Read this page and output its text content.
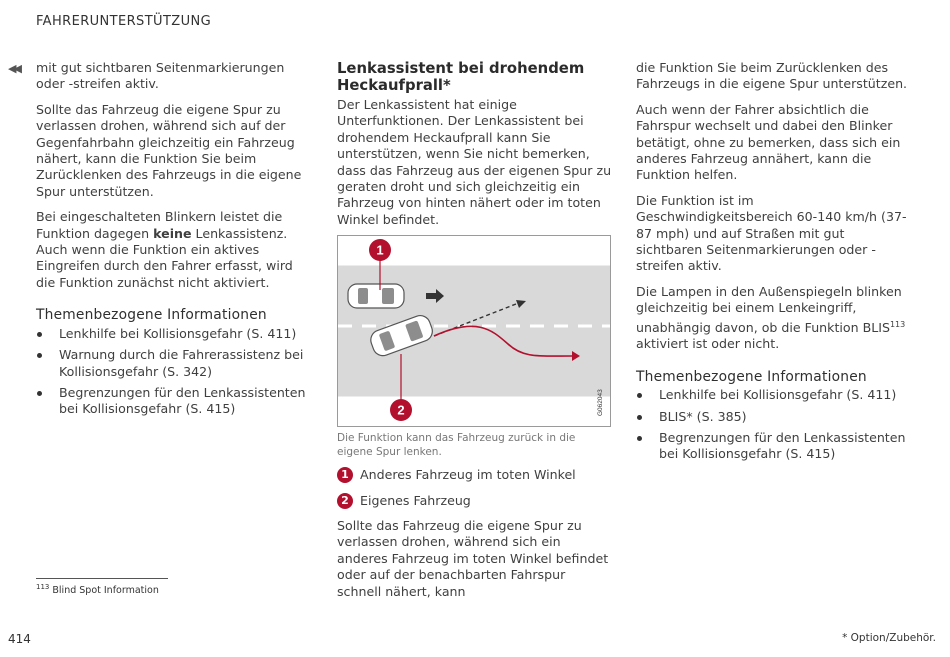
FAHRERUNTERSTÜTZUNG
◀◀ mit gut sichtbaren Seitenmarkierungen oder -streifen aktiv.

Sollte das Fahrzeug die eigene Spur zu verlassen drohen, während sich auf der Gegenfahrbahn gleichzeitig ein Fahrzeug nähert, kann die Funktion Sie beim Zurücklenken des Fahrzeugs in die eigene Spur unterstützen.

Bei eingeschalteten Blinkern leistet die Funktion dagegen keine Lenkassistenz. Auch wenn die Funktion ein aktives Eingreifen durch den Fahrer erfasst, wird die Funktion zunächst nicht aktiviert.

Themenbezogene Informationen
Lenkhilfe bei Kollisionsgefahr (S. 411)
Warnung durch die Fahrerassistenz bei Kollisionsgefahr (S. 342)
Begrenzungen für den Lenkassistenten bei Kollisionsgefahr (S. 415)
Lenkassistent bei drohendem Heckaufprall*

Der Lenkassistent hat einige Unterfunktionen. Der Lenkassistent bei drohendem Heckaufprall kann Sie unterstützen, wenn Sie nicht bemerken, dass das Fahrzeug aus der eigenen Spur zu geraten droht und sich gleichzeitig ein Fahrzeug von hinten nähert oder im toten Winkel befindet.

1
2	G062043
Die Funktion kann das Fahrzeug zurück in die eigene Spur lenken.
1 Anderes Fahrzeug im toten Winkel
2 Eigenes Fahrzeug

Sollte das Fahrzeug die eigene Spur zu verlassen drohen, während sich ein anderes Fahrzeug im toten Winkel befindet oder auf der benachbarten Fahrspur schnell nähert, kann

die Funktion Sie beim Zurücklenken des Fahrzeugs in die eigene Spur unterstützen.

Auch wenn der Fahrer absichtlich die Fahrspur wechselt und dabei den Blinker betätigt, ohne zu bemerken, dass sich ein anderes Fahrzeug annähert, kann die Funktion helfen.

Die Funktion ist im Geschwindigkeitsbereich 60-140 km/h (37-87 mph) und auf Straßen mit gut sichtbaren Seitenmarkierungen oder -streifen aktiv.

Die Lampen in den Außenspiegeln blinken gleichzeitig bei einem Lenkeingriff, unabhängig davon, ob die Funktion BLIS$^{113}$ aktiviert ist oder nicht.

Themenbezogene Informationen
Lenkhilfe bei Kollisionsgefahr (S. 411)
BLIS* (S. 385)
Begrenzungen für den Lenkassistenten bei Kollisionsgefahr (S. 415)
$^{113}$ Blind Spot Information
414	* Option/Zubehör.
